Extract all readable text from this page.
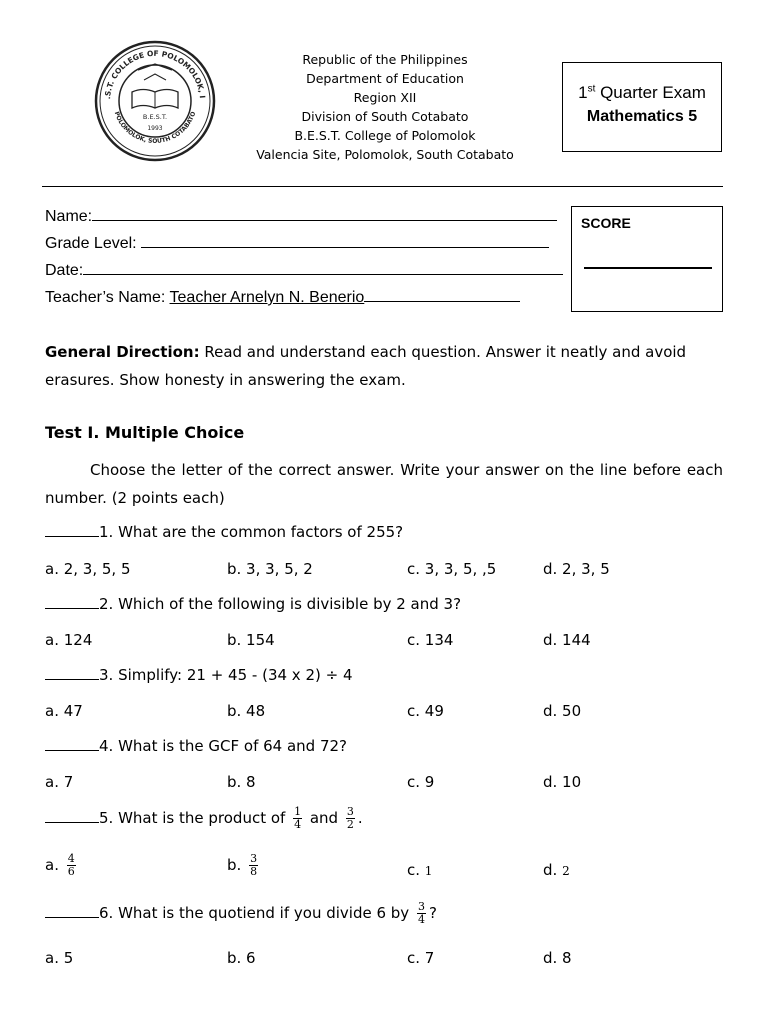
.S.T. COLLEGE OF POLOMOLOK, I
POLOMOLOK, SOUTH COTABATO
B.E.S.T.
1993
Republic of the Philippines
Department of Education
Region XII
Division of South Cotabato
B.E.S.T. College of Polomolok
Valencia Site, Polomolok, South Cotabato
1st Quarter Exam
Mathematics 5
Name:
Grade Level:
Date:
Teacher’s Name: Teacher Arnelyn N. Benerio
SCORE
General Direction: Read and understand each question. Answer it neatly and avoid erasures. Show honesty in answering the exam.
Test I. Multiple Choice
Choose the letter of the correct answer. Write your answer on the line before each number. (2 points each)
1. What are the common factors of 255?
a. 2, 3, 5, 5	b. 3, 3, 5, 2	c. 3, 3, 5, ,5	d. 2, 3, 5
2. Which of the following is divisible by 2 and 3?
a. 124	b. 154	c. 134	d. 144
3. Simplify: 21 + 45 - (34 x 2) ÷ 4
a. 47	b. 48	c. 49	d. 50
4. What is the GCF of 64 and 72?
a. 7	b. 8	c. 9	d. 10
5. What is the product of $\frac{1}{4}$ and $\frac{3}{2}$ .
a. $\frac{4}{6}$	b. $\frac{3}{8}$	c. 1	d. 2
6. What is the quotiend if you divide 6 by $\frac{3}{4}$ ?
a. 5	b. 6	c. 7	d. 8
